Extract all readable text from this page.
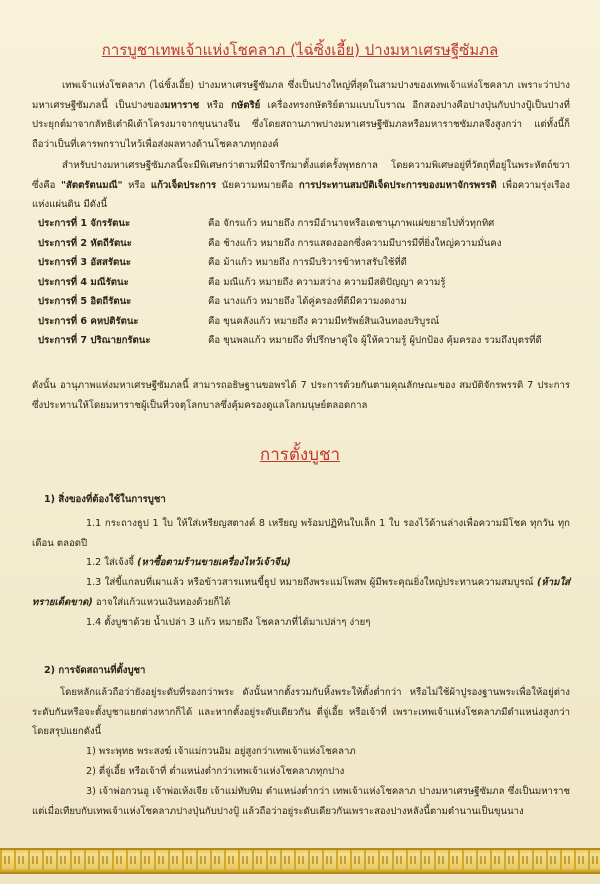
การบูชาเทพเจ้าแห่งโชคลาภ (ไฉ่ซิ้งเอี้ย) ปางมหาเศรษฐีซัมภล

เทพเจ้าแห่งโชคลาภ (ไฉ่ซิ้งเอี้ย) ปางมหาเศรษฐีซัมภล ซึ่งเป็นปางใหญ่ที่สุดในสามปางของเทพเจ้าแห่งโชคลาภ เพราะว่าปางมหาเศรษฐีซัมภลนี้ เป็นปางของมหาราช หรือ กษัตริย์ เครื่องทรงกษัตริย์ตามแบบโบราณ อีกสองปางคือปางปุ่นกับปางปู้เป็นปางที่ประยุกต์มาจากลัทธิเต๋าผีเต้าโครงมาจากขุนนางจีน ซึ่งโดยสถานภาพปางมหาเศรษฐีซัมภลหรือมหาราชซัมภลจึงสูงกว่า แต่ทั้งนี้ก็ถือว่าเป็นที่เคารพกราบไหว้เพื่อส่งผลทางด้านโชคลาภทุกองค์

สำหรับปางมหาเศรษฐีซัมภลนี้จะมีพิเศษกว่าตามที่มีจารึกมาตั้งแต่ครั้งพุทธกาล โดยความพิเศษอยู่ที่วัตถุที่อยู่ในพระหัตถ์ขวา ซึ่งคือ "สัตตรัตนมณี" หรือ แก้วเจ็ดประการ นัยความหมายคือ การประทานสมบัติเจ็ดประการของมหาจักรพรรดิ เพื่อความรุ่งเรืองแห่งแผ่นดิน มีดังนี้

ประการที่ 1 จักรรัตนะ	คือ จักรแก้ว หมายถึง การมีอำนาจหรือเดชานุภาพแผ่ขยายไปทั่วทุกทิศ
ประการที่ 2 หัตถีรัตนะ	คือ ช้างแก้ว หมายถึง การแสดงออกซึ่งความมีบารมีที่ยิ่งใหญ่ความมั่นคง
ประการที่ 3 อัสสรัตนะ	คือ ม้าแก้ว หมายถึง การมีบริวารข้าทาสรับใช้ที่ดี
ประการที่ 4 มณีรัตนะ	คือ มณีแก้ว หมายถึง ความสว่าง ความมีสติปัญญา ความรู้
ประการที่ 5 อิตถีรัตนะ	คือ นางแก้ว หมายถึง ได้คู่ครองที่ดีมีความงดงาม
ประการที่ 6 คหปติรัตนะ	คือ ขุนคลังแก้ว หมายถึง ความมีทรัพย์สินเงินทองบริบูรณ์
ประการที่ 7 ปริณายกรัตนะ	คือ ขุนพลแก้ว หมายถึง ที่ปรึกษาคู่ใจ ผู้ให้ความรู้ ผู้ปกป้อง คุ้มครอง รวมถึงบุตรที่ดี

ดังนั้น อานุภาพแห่งมหาเศรษฐีซัมภลนี้ สามารถอธิษฐานขอพรได้ 7 ประการด้วยกันตามคุณลักษณะของ สมบัติจักรพรรดิ 7 ประการ ซึ่งประทานให้โดยมหาราชผู้เป็นที่วจตุโลกบาลซึ่งคุ้มครองดูแลโลกมนุษย์ตลอดกาล

การตั้งบูชา
1) สิ่งของที่ต้องใช้ในการบูชา

1.1 กระถางธูป 1 ใบ ให้ใส่เหรียญสตางค์ 8 เหรียญ พร้อมปฏิทินใบเล็ก 1 ใบ รองไว้ด้านล่างเพื่อความมีโชค ทุกวัน ทุกเดือน ตลอดปี

1.2 ใส่เจ้งจี้ (หาซื้อตามร้านขายเครื่องไหว้เจ้าจีน)

1.3 ใส่ขี้แกลบที่เผาแล้ว หรือข้าวสารแทนขี้ธูป หมายถึงพระแม่โพสพ ผู้มีพระคุณยิ่งใหญ่ประทานความสมบูรณ์ (ห้ามใส่ทรายเด็ดขาด) อาจใส่แก้วแหวนเงินทองด้วยก็ได้

1.4 ตั้งบูชาด้วย น้ำเปล่า 3 แก้ว หมายถึง โชคลาภที่ได้มาเปล่าๆ ง่ายๆ

2) การจัดสถานที่ตั้งบูชา

โดยหลักแล้วถือว่ายังอยู่ระดับที่รองกว่าพระ ดังนั้นหากตั้งรวมกับหิ้งพระให้ตั้งต่ำกว่า หรือไม่ใช้ผ้าปูรองฐานพระเพื่อให้อยู่ต่างระดับกันหรือจะตั้งบูชาแยกต่างหากก็ได้ และหากตั้งอยู่ระดับเดียวกัน ตี่จู่เอี้ย หรือเจ้าที่ เพราะเทพเจ้าแห่งโชคลาภมีตำแหน่งสูงกว่า โดยสรุปแยกดังนี้

1) พระพุทธ พระสงฆ์ เจ้าแม่กวนอิม อยู่สูงกว่าเทพเจ้าแห่งโชคลาภ

2) ตี่จู่เอี้ย หรือเจ้าที่ ต่ำแหน่งต่ำกว่าเทพเจ้าแห่งโชคลาภทุกปาง

3) เจ้าพ่อกวนอู เจ้าพ่อเห้งเจีย เจ้าแม่ทับทิม ตำแหน่งต่ำกว่า เทพเจ้าแห่งโชคลาภ ปางมหาเศรษฐีซัมภล ซึ่งเป็นมหาราชแต่เมื่อเทียบกับเทพเจ้าแห่งโชคลาภปางปุ่นกับปางปู้ แล้วถือว่าอยู่ระดับเดียวกันเพราะสองปางหลังนี้ตามตำนานเป็นขุนนาง
